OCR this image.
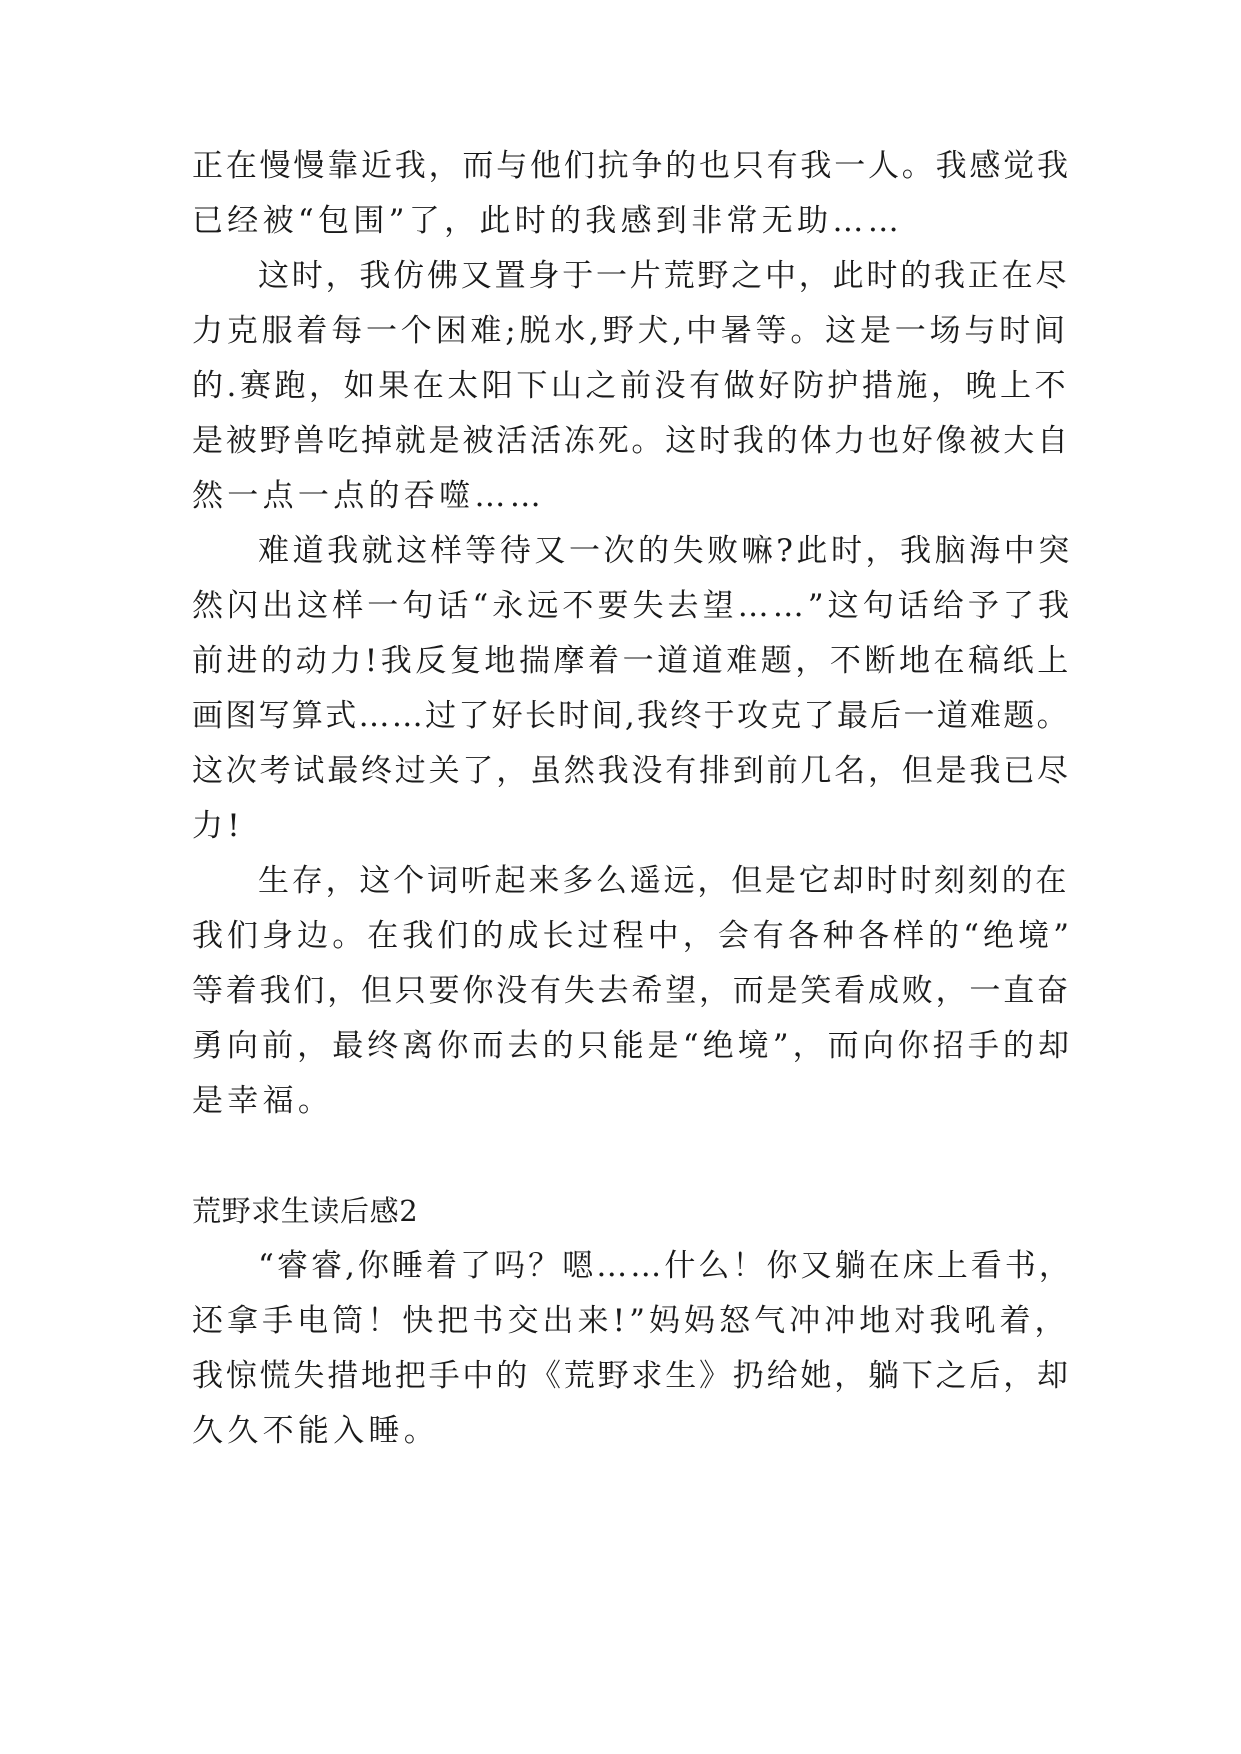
正在慢慢靠近我，而与他们抗争的也只有我一人。我感觉我
已经被“包围”了，此时的我感到非常无助……
这时，我仿佛又置身于一片荒野之中，此时的我正在尽
力克服着每一个困难;脱水,野犬,中暑等。这是一场与时间
的.赛跑，如果在太阳下山之前没有做好防护措施，晚上不
是被野兽吃掉就是被活活冻死。这时我的体力也好像被大自
然一点一点的吞噬……
难道我就这样等待又一次的失败嘛?此时，我脑海中突
然闪出这样一句话“永远不要失去望……”这句话给予了我
前进的动力!我反复地揣摩着一道道难题，不断地在稿纸上
画图写算式……过了好长时间,我终于攻克了最后一道难题。
这次考试最终过关了，虽然我没有排到前几名，但是我已尽
力!
生存，这个词听起来多么遥远，但是它却时时刻刻的在
我们身边。在我们的成长过程中，会有各种各样的“绝境”
等着我们，但只要你没有失去希望，而是笑看成败，一直奋
勇向前，最终离你而去的只能是“绝境”，而向你招手的却
是幸福。
荒野求生读后感2
“睿睿,你睡着了吗？嗯……什么！你又躺在床上看书，
还拿手电筒！快把书交出来!”妈妈怒气冲冲地对我吼着，
我惊慌失措地把手中的《荒野求生》扔给她，躺下之后，却
久久不能入睡。
